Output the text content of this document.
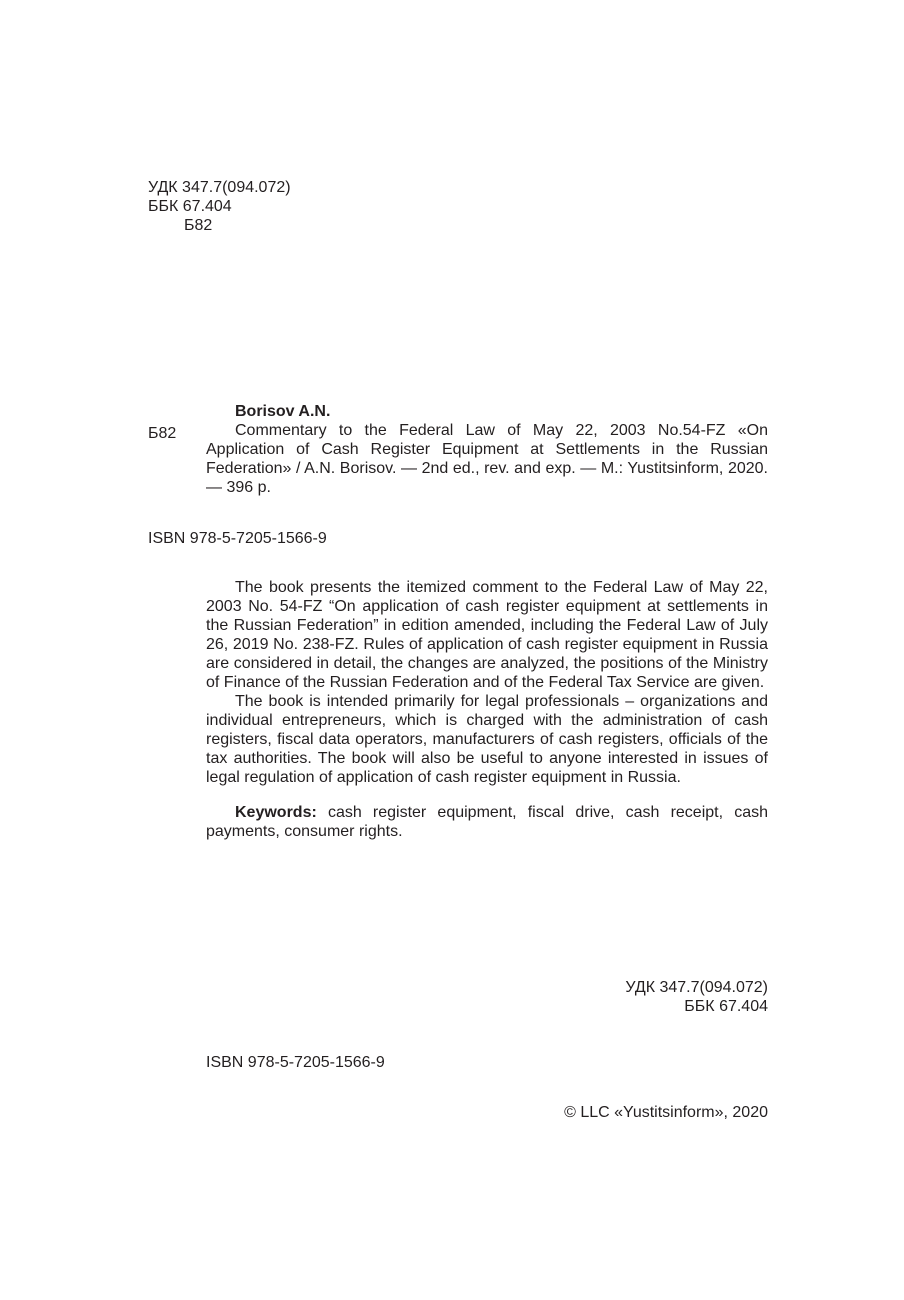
УДК 347.7(094.072)
ББК 67.404
Б82
Б82
Borisov A.N.
Commentary to the Federal Law of May 22, 2003 No.54-FZ «On Application of Cash Register Equipment at Settlements in the Russian Federation» / A.N. Borisov. — 2nd ed., rev. and exp. — M.: Yustitsinform, 2020. — 396 p.
ISBN 978-5-7205-1566-9

The book presents the itemized comment to the Federal Law of May 22, 2003 No. 54-FZ “On application of cash register equipment at settlements in the Russian Federation” in edition amended, including the Federal Law of July 26, 2019 No. 238-FZ. Rules of application of cash register equipment in Russia are considered in detail, the changes are analyzed, the positions of the Ministry of Finance of the Russian Federation and of the Federal Tax Service are given.

The book is intended primarily for legal professionals – organizations and individual entrepreneurs, which is charged with the administration of cash registers, fiscal data operators, manufacturers of cash registers, officials of the tax authorities. The book will also be useful to anyone interested in issues of legal regulation of application of cash register equipment in Russia.

Keywords: cash register equipment, fiscal drive, cash receipt, cash payments, consumer rights.
УДК 347.7(094.072)
ББК 67.404
ISBN 978-5-7205-1566-9
© LLC «Yustitsinform», 2020
